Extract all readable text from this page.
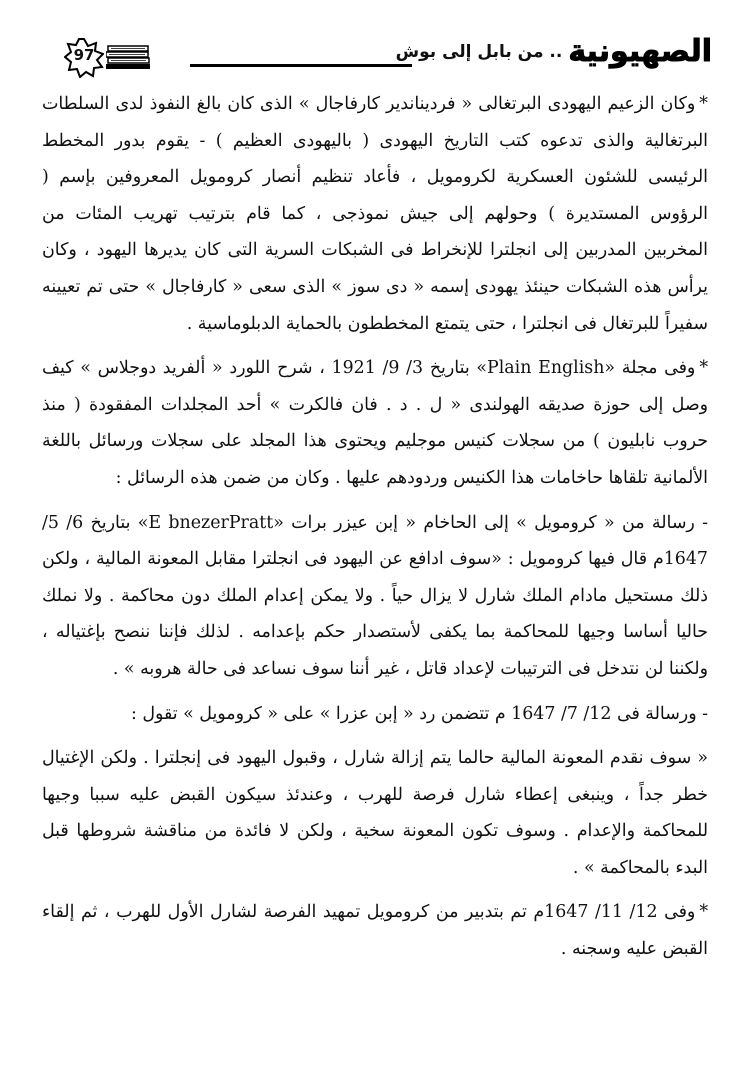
الصهيونية
.. من بابل إلى بوش
97

*وكان الزعيم اليهودى البرتغالى « فرديناندير كارفاجال » الذى كان بالغ النفوذ لدى السلطات البرتغالية والذى تدعوه كتب التاريخ اليهودى ( باليهودى العظيم ) - يقوم بدور المخطط الرئيسى للشئون العسكرية لكرومويل ، فأعاد تنظيم أنصار كرومويل المعروفين بإسم ( الرؤوس المستديرة ) وحولهم إلى جيش نموذجى ، كما قام بترتيب تهريب المئات من المخربين المدربين إلى انجلترا للإنخراط فى الشبكات السرية التى كان يديرها اليهود ، وكان يرأس هذه الشبكات حينئذ يهودى إسمه « دى سوز » الذى سعى « كارفاجال » حتى تم تعيينه سفيراً للبرتغال فى انجلترا ، حتى يتمتع المخططون بالحماية الدبلوماسية .

*وفى مجلة «Plain English» بتاريخ 3/ 9/ 1921 ، شرح اللورد « ألفريد دوجلاس » كيف وصل إلى حوزة صديقه الهولندى « ل . د . فان فالكرت » أحد المجلدات المفقودة ( منذ حروب نابليون ) من سجلات كنيس موجليم ويحتوى هذا المجلد على سجلات ورسائل باللغة الألمانية تلقاها حاخامات هذا الكنيس وردودهم عليها . وكان من ضمن هذه الرسائل :

- رسالة من « كرومويل » إلى الحاخام « إبن عيزر برات «E bnezerPratt» بتاريخ 6/ 5/ 1647م قال فيها كرومويل : «سوف ادافع عن اليهود فى انجلترا مقابل المعونة المالية ، ولكن ذلك مستحيل مادام الملك شارل لا يزال حياً . ولا يمكن إعدام الملك دون محاكمة . ولا نملك حاليا أساسا وجيها للمحاكمة بما يكفى لأستصدار حكم بإعدامه . لذلك فإننا ننصح بإغتياله ، ولكننا لن نتدخل فى الترتيبات لإعداد قاتل ، غير أننا سوف نساعد فى حالة هروبه » .

- ورسالة فى 12/ 7/ 1647 م تتضمن رد « إبن عزرا » على « كرومويل » تقول :

« سوف نقدم المعونة المالية حالما يتم إزالة شارل ، وقبول اليهود فى إنجلترا . ولكن الإغتيال خطر جداً ، وينبغى إعطاء شارل فرصة للهرب ، وعندئذ سيكون القبض عليه سببا وجيها للمحاكمة والإعدام . وسوف تكون المعونة سخية ، ولكن لا فائدة من مناقشة شروطها قبل البدء بالمحاكمة » .

*وفى 12/ 11/ 1647م تم بتدبير من كرومويل تمهيد الفرصة لشارل الأول للهرب ، ثم إلقاء القبض عليه وسجنه .
